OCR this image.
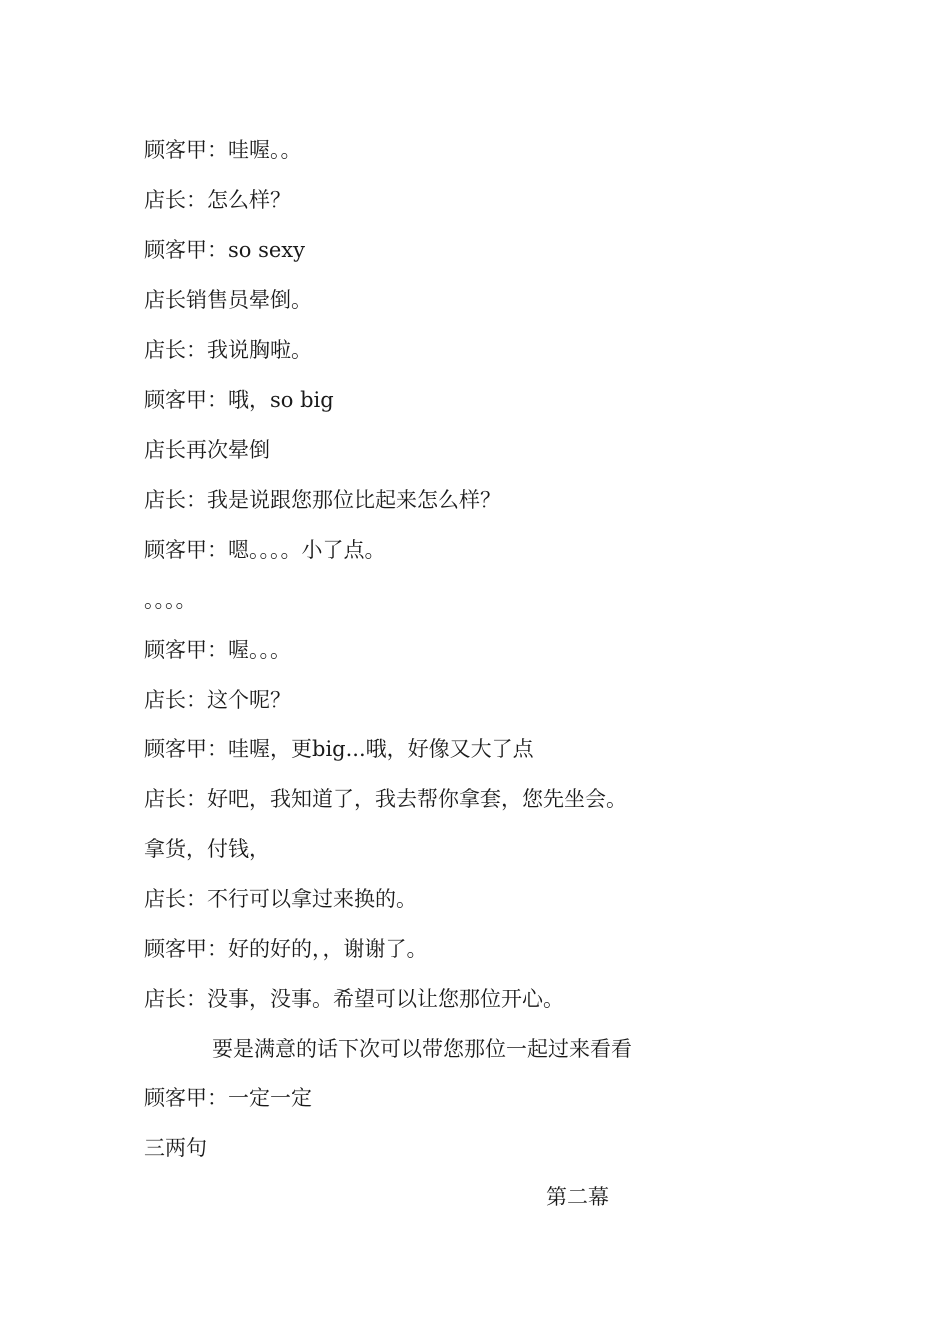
顾客甲：哇喔。。

店长：怎么样？

顾客甲：so sexy

店长销售员晕倒。

店长：我说胸啦。

顾客甲：哦，so big

店长再次晕倒

店长：我是说跟您那位比起来怎么样？

顾客甲：嗯。。。。小了点。

。。。。

顾客甲：喔。。。

店长：这个呢？

顾客甲：哇喔，更big...哦，好像又大了点

店长：好吧，我知道了，我去帮你拿套，您先坐会。

拿货，付钱，

店长：不行可以拿过来换的。

顾客甲：好的好的，，谢谢了。

店长：没事，没事。希望可以让您那位开心。

要是满意的话下次可以带您那位一起过来看看

顾客甲：一定一定

三两句

第二幕
